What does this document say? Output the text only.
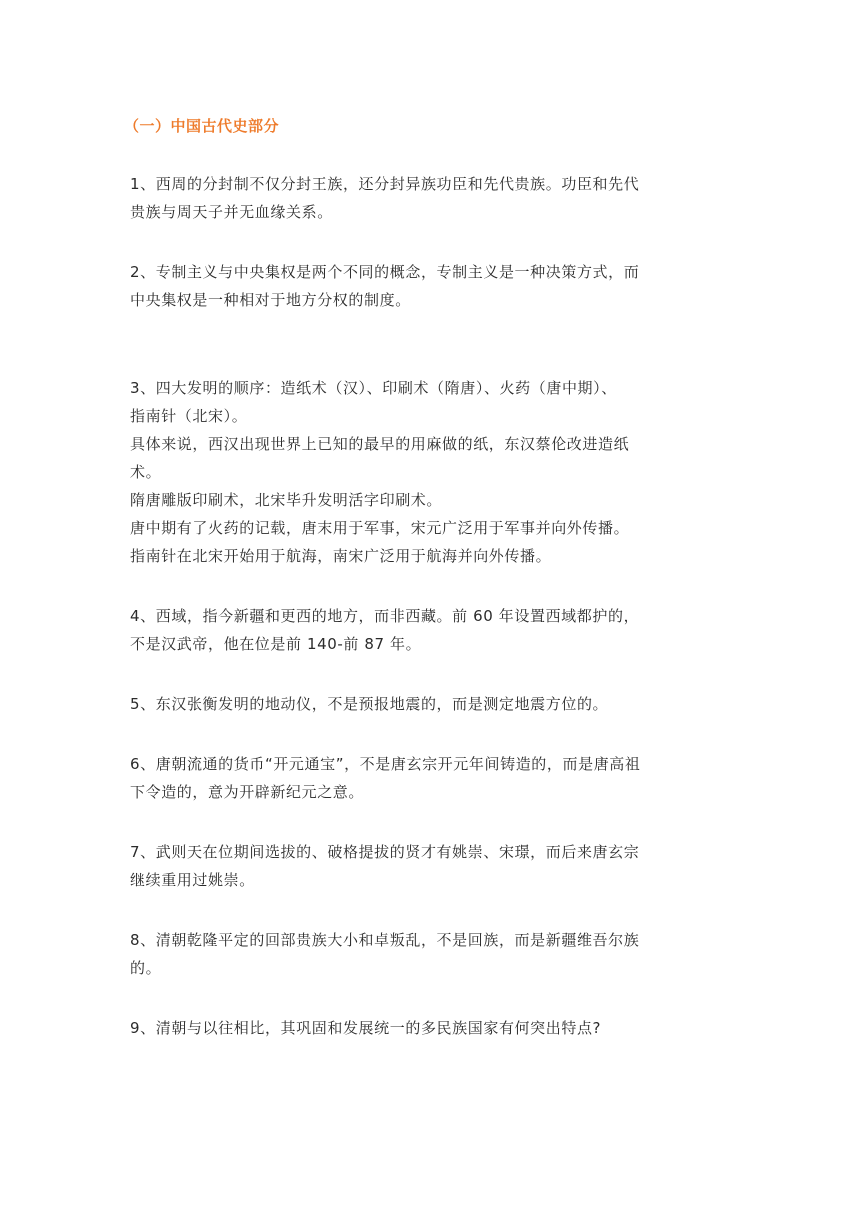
（一）中国古代史部分
1、西周的分封制不仅分封王族，还分封异族功臣和先代贵族。功臣和先代
贵族与周天子并无血缘关系。
2、专制主义与中央集权是两个不同的概念，专制主义是一种决策方式，而
中央集权是一种相对于地方分权的制度。
3、四大发明的顺序：造纸术（汉）、印刷术（隋唐）、火药（唐中期）、
指南针（北宋）。
具体来说，西汉出现世界上已知的最早的用麻做的纸，东汉蔡伦改进造纸
术。
隋唐雕版印刷术，北宋毕升发明活字印刷术。
唐中期有了火药的记载，唐末用于军事，宋元广泛用于军事并向外传播。
指南针在北宋开始用于航海，南宋广泛用于航海并向外传播。
4、西域，指今新疆和更西的地方，而非西藏。前 60 年设置西域都护的，
不是汉武帝，他在位是前 140-前 87 年。
5、东汉张衡发明的地动仪，不是预报地震的，而是测定地震方位的。
6、唐朝流通的货币“开元通宝”，不是唐玄宗开元年间铸造的，而是唐高祖
下令造的，意为开辟新纪元之意。
7、武则天在位期间选拔的、破格提拔的贤才有姚崇、宋璟，而后来唐玄宗
继续重用过姚崇。
8、清朝乾隆平定的回部贵族大小和卓叛乱，不是回族，而是新疆维吾尔族
的。
9、清朝与以往相比，其巩固和发展统一的多民族国家有何突出特点?
